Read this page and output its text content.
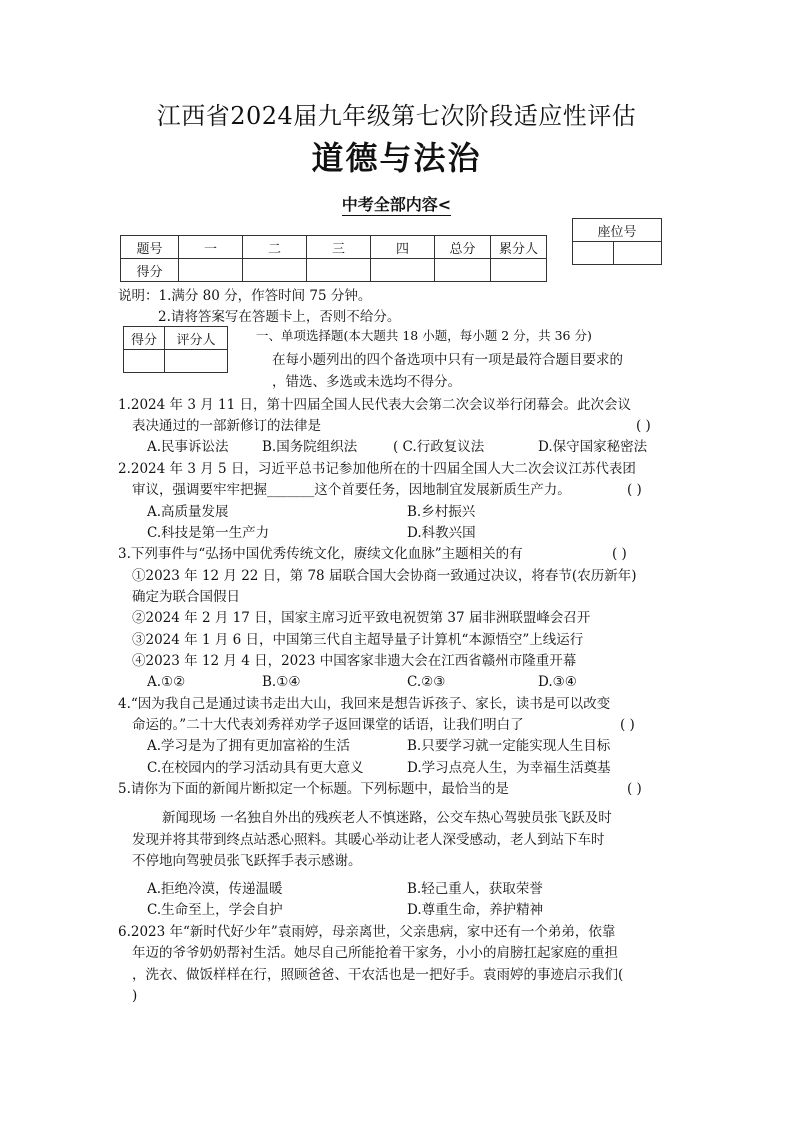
江西省2024届九年级第七次阶段适应性评估
道德与法治
中考全部内容<
座位号

题号	一	二	三	四	总分	累分人
得分						
说明：1.满分 80 分，作答时间 75 分钟。
2.请将答案写在答题卡上，否则不给分。
得分	评分人
		一、单项选择题(本大题共 18 小题，每小题 2 分，共 36 分)
在每小题列出的四个备选项中只有一项是最符合题目要求的
，错选、多选或未选均不得分。
1.2024 年 3 月 11 日，第十四届全国人民代表大会第二次会议举行闭幕会。此次会议
表决通过的一部新修订的法律是	( )
A.民事诉讼法 B.国务院组织法	( C.行政复议法	D.保守国家秘密法
2.2024 年 3 月 5 日，习近平总书记参加他所在的十四届全国人大二次会议江苏代表团
审议，强调要牢牢把握_______这个首要任务，因地制宜发展新质生产力。	( )
A.高质量发展	B.乡村振兴
C.科技是第一生产力	D.科教兴国
3.下列事件与“弘扬中国优秀传统文化，赓续文化血脉”主题相关的有	( )
①2023 年 12 月 22 日，第 78 届联合国大会协商一致通过决议，将春节(农历新年)
确定为联合国假日
②2024 年 2 月 17 日，国家主席习近平致电祝贺第 37 届非洲联盟峰会召开
③2024 年 1 月 6 日，中国第三代自主超导量子计算机“本源悟空”上线运行
④2023 年 12 月 4 日，2023 中国客家非遗大会在江西省赣州市隆重开幕
A.①②	B.①④	C.②③	D.③④
4.“因为我自己是通过读书走出大山，我回来是想告诉孩子、家长，读书是可以改变
命运的。”二十大代表刘秀祥劝学子返回课堂的话语，让我们明白了	( )
A.学习是为了拥有更加富裕的生活	B.只要学习就一定能实现人生目标
C.在校园内的学习活动具有更大意义	D.学习点亮人生，为幸福生活奠基
5.请你为下面的新闻片断拟定一个标题。下列标题中，最恰当的是	( )
新闻现场 一名独自外出的残疾老人不慎迷路，公交车热心驾驶员张飞跃及时
发现并将其带到终点站悉心照料。其暖心举动让老人深受感动，老人到站下车时
不停地向驾驶员张飞跃挥手表示感谢。
A.拒绝冷漠，传递温暖	B.轻己重人，获取荣誉
C.生命至上，学会自护	D.尊重生命，养护精神
6.2023 年“新时代好少年”袁雨婷，母亲离世，父亲患病，家中还有一个弟弟，依靠
年迈的爷爷奶奶帮衬生活。她尽自己所能抢着干家务，小小的肩膀扛起家庭的重担
，洗衣、做饭样样在行，照顾爸爸、干农活也是一把好手。袁雨婷的事迹启示我们(
)
